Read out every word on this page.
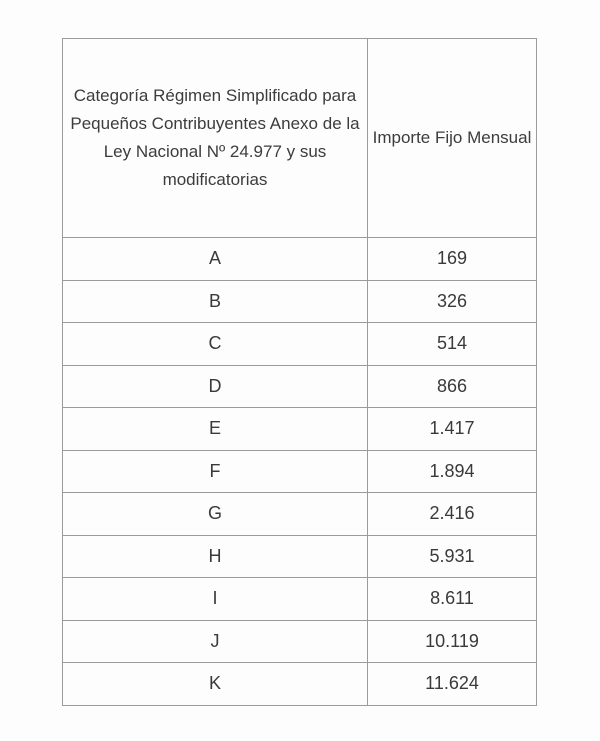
Categoría Régimen Simplificado para Pequeños Contribuyentes Anexo de la Ley Nacional Nº 24.977 y sus modificatorias	Importe Fijo Mensual
A	169
B	326
C	514
D	866
E	1.417
F	1.894
G	2.416
H	5.931
I	8.611
J	10.119
K	11.624
